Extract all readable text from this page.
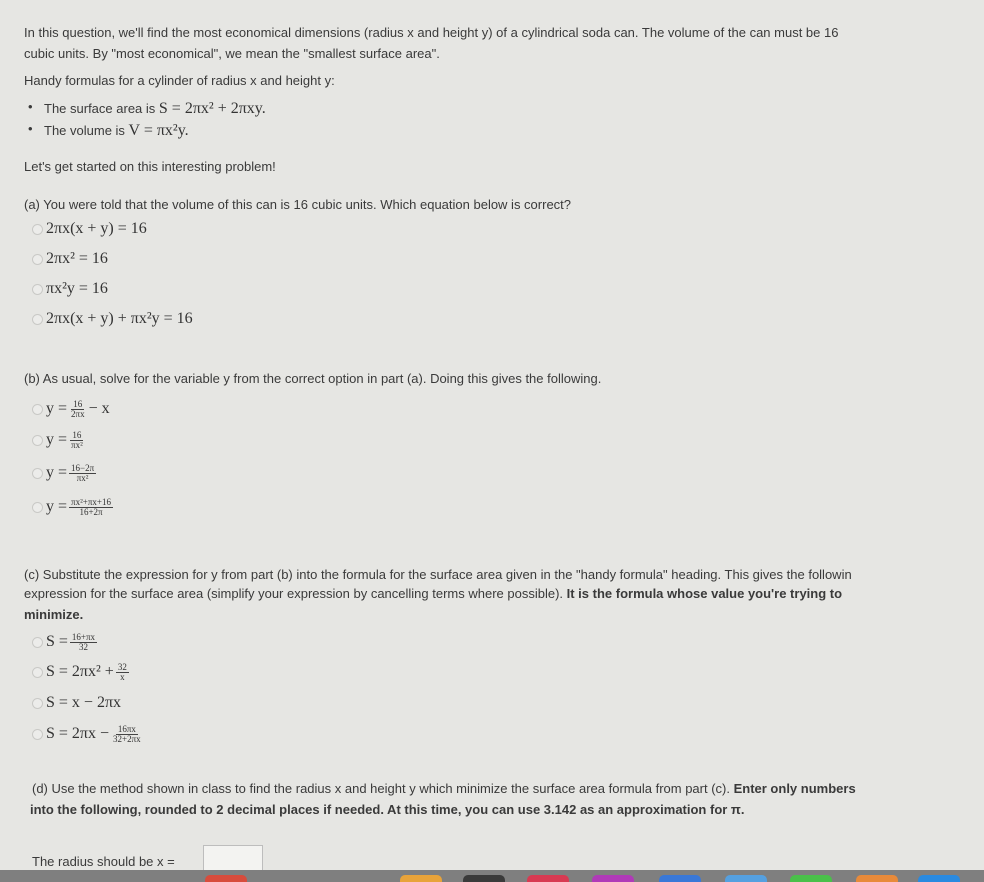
In this question, we'll find the most economical dimensions (radius x and height y) of a cylindrical soda can. The volume of the can must be 16
cubic units. By "most economical", we mean the "smallest surface area".
Handy formulas for a cylinder of radius x and height y:
• The surface area is S = 2πx² + 2πxy.
• The volume is V = πx²y.
Let's get started on this interesting problem!
(a) You were told that the volume of this can is 16 cubic units. Which equation below is correct?
2πx(x + y) = 16
2πx² = 16
πx²y = 16
2πx(x + y) + πx²y = 16
(b) As usual, solve for the variable y from the correct option in part (a). Doing this gives the following.
$y = \frac{16}{2\pi x} - x$
$y = \frac{16}{\text{πx²}}$
$y = \frac{16-2\pi}{\text{πx²}}$
$y = \frac{\text{πx²+πx+16}}{16+2\pi}$
(c) Substitute the expression for y from part (b) into the formula for the surface area given in the "handy formula" heading. This gives the followin
expression for the surface area (simplify your expression by cancelling terms where possible). It is the formula whose value you're trying to
minimize.
$S = \frac{16+\pi x}{32}$
$S = 2\pi x^2 + \frac{32}{x}$
S = x − 2πx
$S = 2\pi x - \frac{16\pi x}{32+2\pi x}$
(d) Use the method shown in class to find the radius x and height y which minimize the surface area formula from part (c). Enter only numbers
into the following, rounded to 2 decimal places if needed. At this time, you can use 3.142 as an approximation for π.
The radius should be x =
